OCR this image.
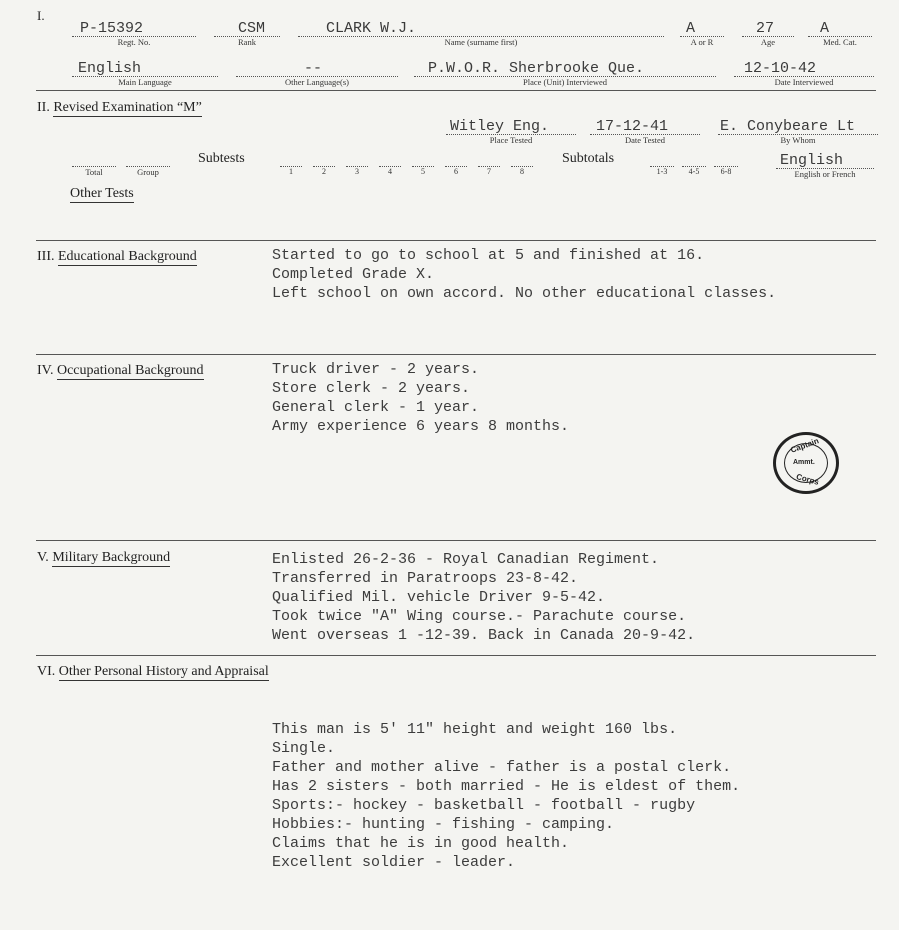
I.
P-15392
Regt. No.
CSM
Rank
CLARK W.J.
Name (surname first)
A
A or R
27
Age
A
Med. Cat.
English
Main Language
--
Other Language(s)
P.W.O.R. Sherbrooke Que.
Place (Unit) Interviewed
12-10-42
Date Interviewed
II. Revised Examination “M”
Witley Eng.
Place Tested
17-12-41
Date Tested
E. Conybeare Lt
By Whom
Total	Group
Subtests
1	2	3	4	5	6	7	8
Subtotals
1-3	4-5	6-8
English
English or French
Other Tests
III. Educational Background	Started to go to school at 5 and finished at 16.
Completed Grade X.
Left school on own accord. No other educational classes.
IV. Occupational Background	Truck driver - 2 years.
Store clerk - 2 years.
General clerk - 1 year.
Army experience 6 years 8 months.
Captain
Ammt.
Corps
V. Military Background	Enlisted 26-2-36 - Royal Canadian Regiment.
Transferred in Paratroops 23-8-42.
Qualified Mil. vehicle Driver 9-5-42.
Took twice "A" Wing course.- Parachute course.
Went overseas 1 -12-39. Back in Canada 20-9-42.
VI. Other Personal History and Appraisal
This man is 5' 11" height and weight 160 lbs.
Single.
Father and mother alive - father is a postal clerk.
Has 2 sisters - both married - He is eldest of them.
Sports:- hockey - basketball - football - rugby
Hobbies:- hunting - fishing - camping.
Claims that he is in good health.
Excellent soldier - leader.
